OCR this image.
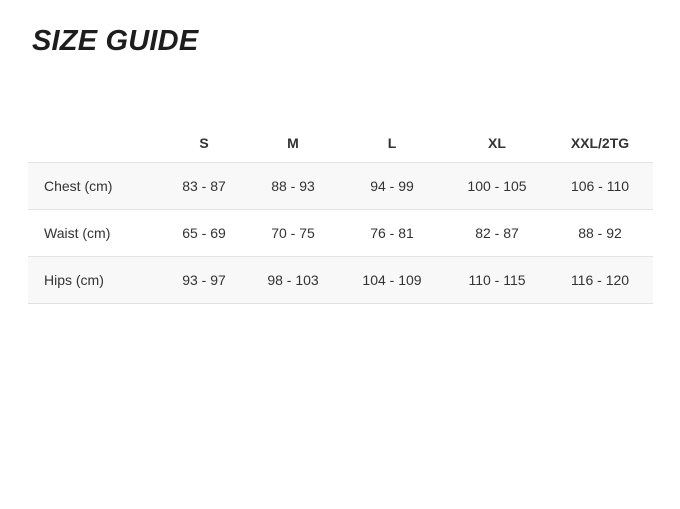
SIZE GUIDE
	S	M	L	XL	XXL/2TG
Chest (cm)	83 - 87	88 - 93	94 - 99	100 - 105	106 - 110
Waist (cm)	65 - 69	70 - 75	76 - 81	82 - 87	88 - 92
Hips (cm)	93 - 97	98 - 103	104 - 109	110 - 115	116 - 120
